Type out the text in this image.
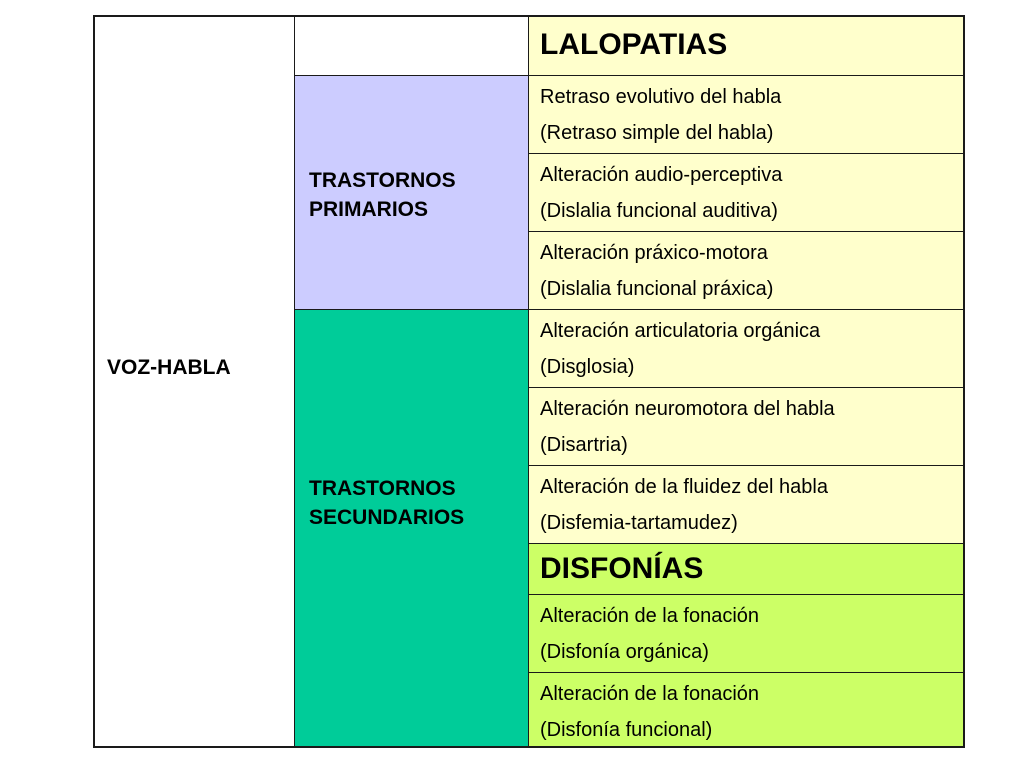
VOZ-HABLA
TRASTORNOS
PRIMARIOS
TRASTORNOS
SECUNDARIOS
LALOPATIAS
Retraso evolutivo del habla
(Retraso simple del habla)
Alteración audio-perceptiva
(Dislalia funcional auditiva)
Alteración práxico-motora
(Dislalia funcional práxica)
Alteración articulatoria orgánica
(Disglosia)
Alteración neuromotora del habla
(Disartria)
Alteración de la fluidez del habla
(Disfemia-tartamudez)
DISFONÍAS
Alteración de la fonación
(Disfonía orgánica)
Alteración de la fonación
(Disfonía funcional)
